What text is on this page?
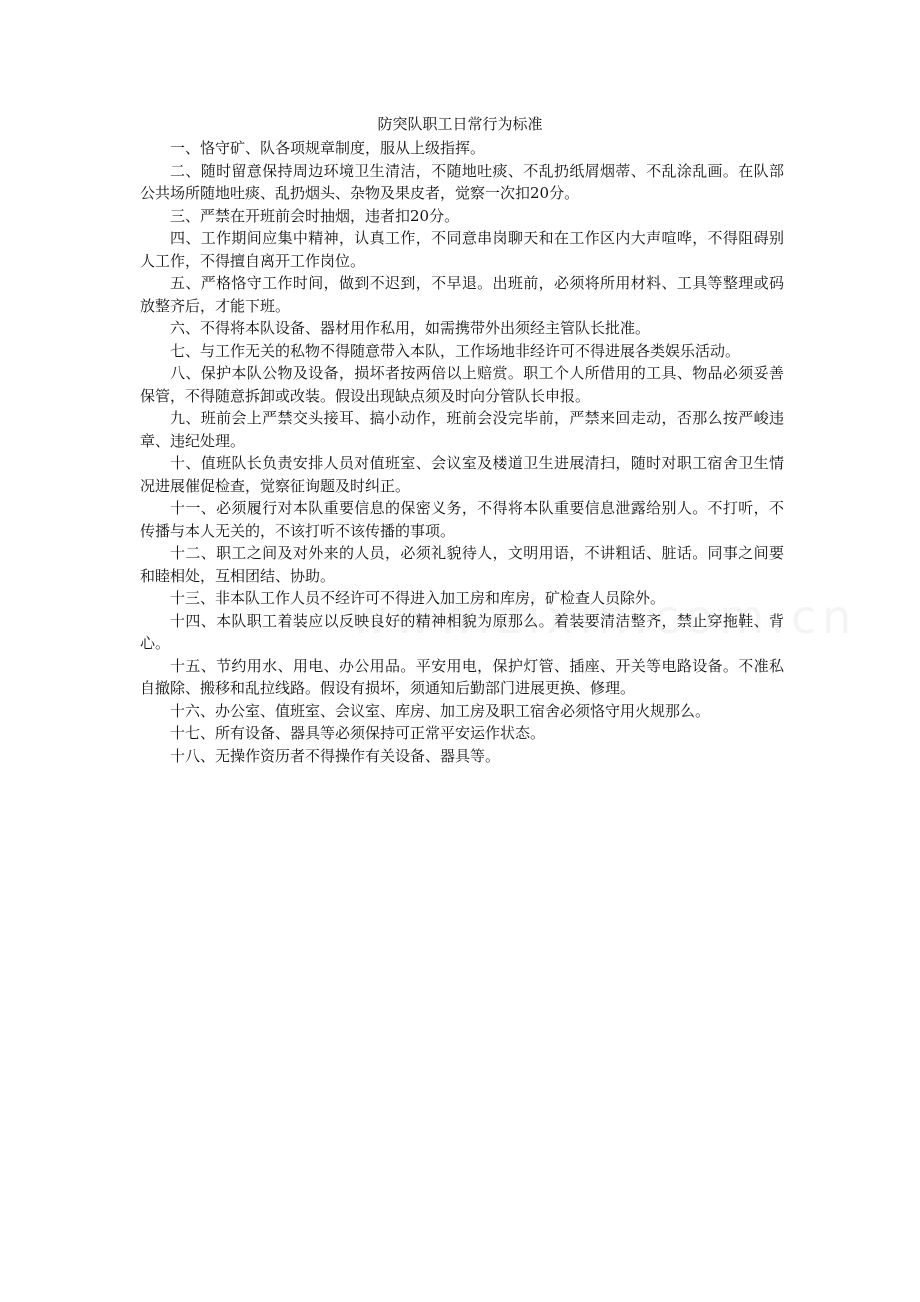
防突队职工日常行为标准
一、恪守矿、队各项规章制度，服从上级指挥。
二、随时留意保持周边环境卫生清洁，不随地吐痰、不乱扔纸屑烟蒂、不乱涂乱画。在队部公共场所随地吐痰、乱扔烟头、杂物及果皮者，觉察一次扣20分。
三、严禁在开班前会时抽烟，违者扣20分。
四、工作期间应集中精神，认真工作，不同意串岗聊天和在工作区内大声喧哗，不得阻碍别人工作，不得擅自离开工作岗位。
五、严格恪守工作时间，做到不迟到，不早退。出班前，必须将所用材料、工具等整理或码放整齐后，才能下班。
六、不得将本队设备、器材用作私用，如需携带外出须经主管队长批准。
七、与工作无关的私物不得随意带入本队，工作场地非经许可不得进展各类娱乐活动。
八、保护本队公物及设备，损坏者按两倍以上赔赏。职工个人所借用的工具、物品必须妥善保管，不得随意拆卸或改装。假设出现缺点须及时向分管队长申报。
九、班前会上严禁交头接耳、搞小动作，班前会没完毕前，严禁来回走动，否那么按严峻违章、违纪处理。
十、值班队长负责安排人员对值班室、会议室及楼道卫生进展清扫，随时对职工宿舍卫生情况进展催促检查，觉察征询题及时纠正。
十一、必须履行对本队重要信息的保密义务，不得将本队重要信息泄露给别人。不打听，不传播与本人无关的，不该打听不该传播的事项。
十二、职工之间及对外来的人员，必须礼貌待人，文明用语，不讲粗话、脏话。同事之间要和睦相处，互相团结、协助。
十三、非本队工作人员不经许可不得进入加工房和库房，矿检查人员除外。
十四、本队职工着装应以反映良好的精神相貌为原那么。着装要清洁整齐，禁止穿拖鞋、背心。
十五、节约用水、用电、办公用品。平安用电，保护灯管、插座、开关等电路设备。不准私自撤除、搬移和乱拉线路。假设有损坏，须通知后勤部门进展更换、修理。
十六、办公室、值班室、会议室、库房、加工房及职工宿舍必须恪守用火规那么。
十七、所有设备、器具等必须保持可正常平安运作状态。
十八、无操作资历者不得操作有关设备、器具等。
